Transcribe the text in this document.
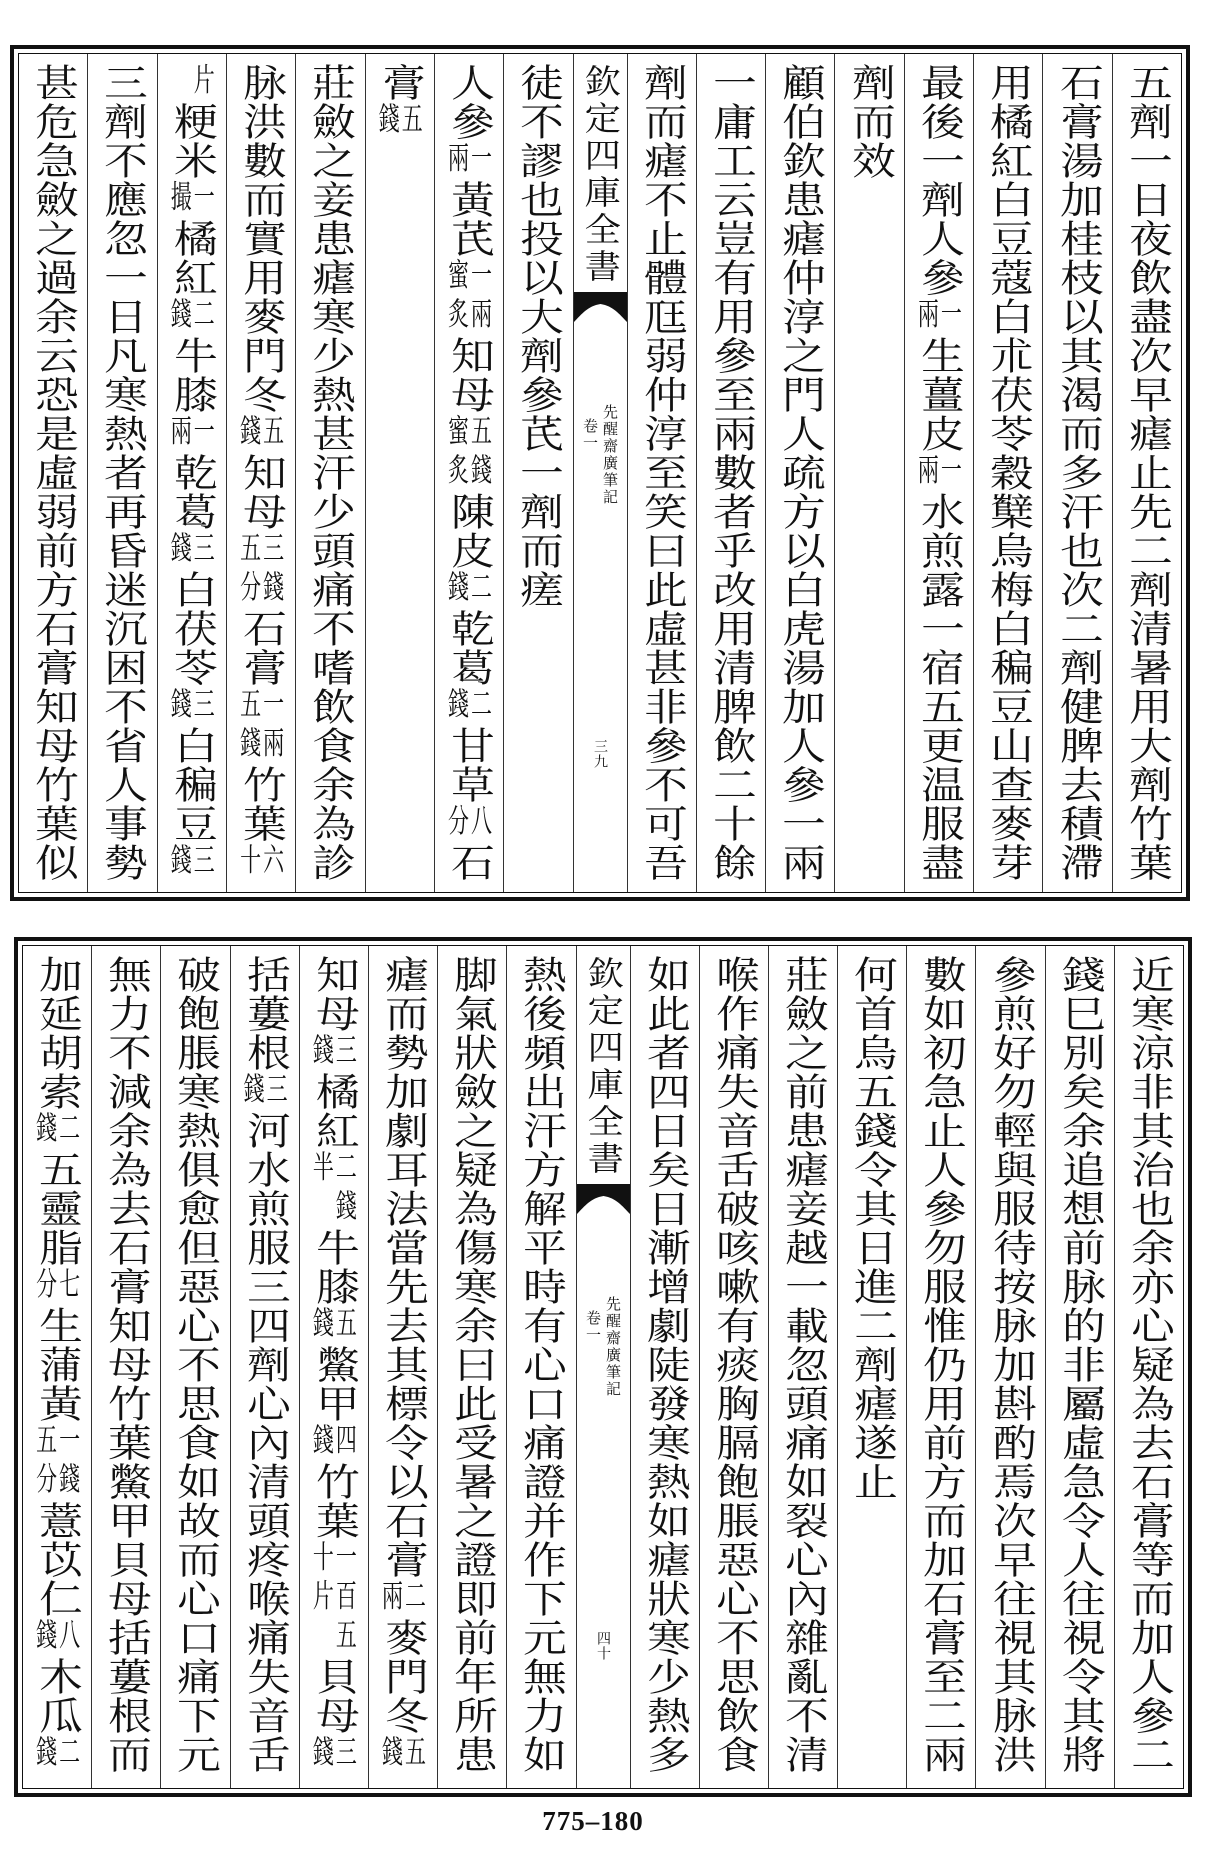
五劑一日夜飲盡次早瘧止先二劑清暑用大劑竹葉
石膏湯加桂枝以其渴而多汗也次二劑健脾去積滯
用橘紅白豆蔻白朮茯苓穀櫱烏梅白稨豆山查麥芽
最後一劑人參
一
兩
生薑皮
一
兩
水煎露一宿五更温服盡
劑而效
顧伯欽患瘧仲淳之門人疏方以白虎湯加人參一兩
一庸工云豈有用參至兩數者乎改用清脾飲二十餘
劑而瘧不止體尫弱仲淳至笑曰此虛甚非參不可吾
欽定四庫全書
先醒齋廣筆記
卷一
三九
徒不謬也投以大劑參芪一劑而瘥
人參
一
兩
黃芪
一兩
蜜炙
知母
五錢
蜜炙
陳皮
二
錢
乾葛
二
錢
甘草
八
分
石
膏
五
錢
莊斂之妾患瘧寒少熱甚汗少頭痛不嗜飲食余為診
脉洪數而實用麥門冬
五
錢
知母
三錢
五分
石膏
一兩
五錢
竹葉
六
十
片
粳米
一
撮
橘紅
二
錢
牛膝
一
兩
乾葛
三
錢
白茯苓
三
錢
白稨豆
三
錢
三劑不應忽一日凡寒熱者再昏迷沉困不省人事勢
甚危急斂之過余云恐是虛弱前方石膏知母竹葉似
近寒涼非其治也余亦心疑為去石膏等而加人參二
錢巳別矣余追想前脉的非屬虛急令人往視令其將
參煎好勿輕與服待按脉加斟酌焉次早往視其脉洪
數如初急止人參勿服惟仍用前方而加石膏至二兩
何首烏五錢令其日進二劑瘧遂止
莊斂之前患瘧妾越一載忽頭痛如裂心內雜亂不清
喉作痛失音舌破咳嗽有痰胸膈飽脹惡心不思飲食
如此者四日矣日漸增劇陡發寒熱如瘧狀寒少熱多
欽定四庫全書
先醒齋廣筆記
卷一
四十
熱後頻出汗方解平時有心口痛證并作下元無力如
脚氣狀斂之疑為傷寒余曰此受暑之證即前年所患
瘧而勢加劇耳法當先去其標令以石膏
二
兩
麥門冬
五
錢
知母
三
錢
橘紅
二錢
半
牛膝
五
錢
鱉甲
四
錢
竹葉
一百五
十片
貝母
三
錢
括蔞根
三
錢
河水煎服三四劑心內清頭疼喉痛失音舌
破飽脹寒熱俱愈但惡心不思食如故而心口痛下元
無力不減余為去石膏知母竹葉鱉甲貝母括蔞根而
加延胡索
二
錢
五靈脂
七
分
生蒲黃
一錢
五分
薏苡仁
八
錢
木瓜
二
錢
775–180
